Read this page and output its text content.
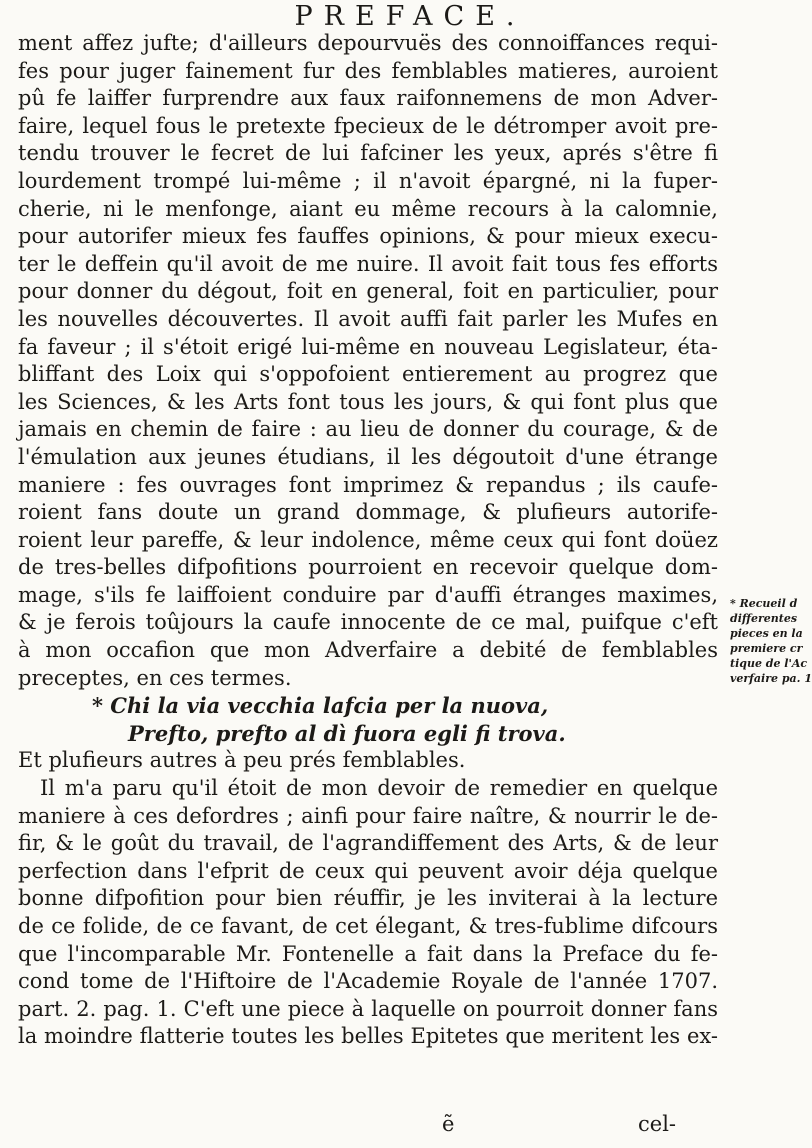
PREFACE.
ment affez jufte; d'ailleurs depourvuës des connoiffances requi-
fes pour juger fainement fur des femblables matieres, auroient
pû fe laiffer furprendre aux faux raifonnemens de mon Adver-
faire, lequel fous le pretexte fpecieux de le détromper avoit pre-
tendu trouver le fecret de lui fafciner les yeux, aprés s'être fi
lourdement trompé lui-même ; il n'avoit épargné, ni la fuper-
cherie, ni le menfonge, aiant eu même recours à la calomnie,
pour autorifer mieux fes fauffes opinions, & pour mieux execu-
ter le deffein qu'il avoit de me nuire. Il avoit fait tous fes efforts
pour donner du dégout, foit en general, foit en particulier, pour
les nouvelles découvertes. Il avoit auffi fait parler les Mufes en
fa faveur ; il s'étoit erigé lui-même en nouveau Legislateur, éta-
bliffant des Loix qui s'oppofoient entierement au progrez que
les Sciences, & les Arts font tous les jours, & qui font plus que
jamais en chemin de faire : au lieu de donner du courage, & de
l'émulation aux jeunes étudians, il les dégoutoit d'une étrange
maniere : fes ouvrages font imprimez & repandus ; ils caufe-
roient fans doute un grand dommage, & plufieurs autorife-
roient leur pareffe, & leur indolence, même ceux qui font doüez
de tres-belles difpofitions pourroient en recevoir quelque dom-
mage, s'ils fe laiffoient conduire par d'auffi étranges maximes,
& je ferois toûjours la caufe innocente de ce mal, puifque c'eft
à mon occafion que mon Adverfaire a debité de femblables
preceptes, en ces termes.
* Chi la via vecchia lafcia per la nuova,
Prefto, prefto al dì fuora egli fi trova.
Et plufieurs autres à peu prés femblables.
Il m'a paru qu'il étoit de mon devoir de remedier en quelque
maniere à ces defordres ; ainfi pour faire naître, & nourrir le de-
fir, & le goût du travail, de l'agrandiffement des Arts, & de leur
perfection dans l'efprit de ceux qui peuvent avoir déja quelque
bonne difpofition pour bien réuffir, je les inviterai à la lecture
de ce folide, de ce favant, de cet élegant, & tres-fublime difcours
que l'incomparable Mr. Fontenelle a fait dans la Preface du fe-
cond tome de l'Hiftoire de l'Academie Royale de l'année 1707.
part. 2. pag. 1. C'eft une piece à laquelle on pourroit donner fans
la moindre flatterie toutes les belles Epitetes que meritent les ex-
ẽ	cel-
* Recueil d
differentes
pieces en la
premiere cr
tique de l'Ac
verfaire pa. 1
